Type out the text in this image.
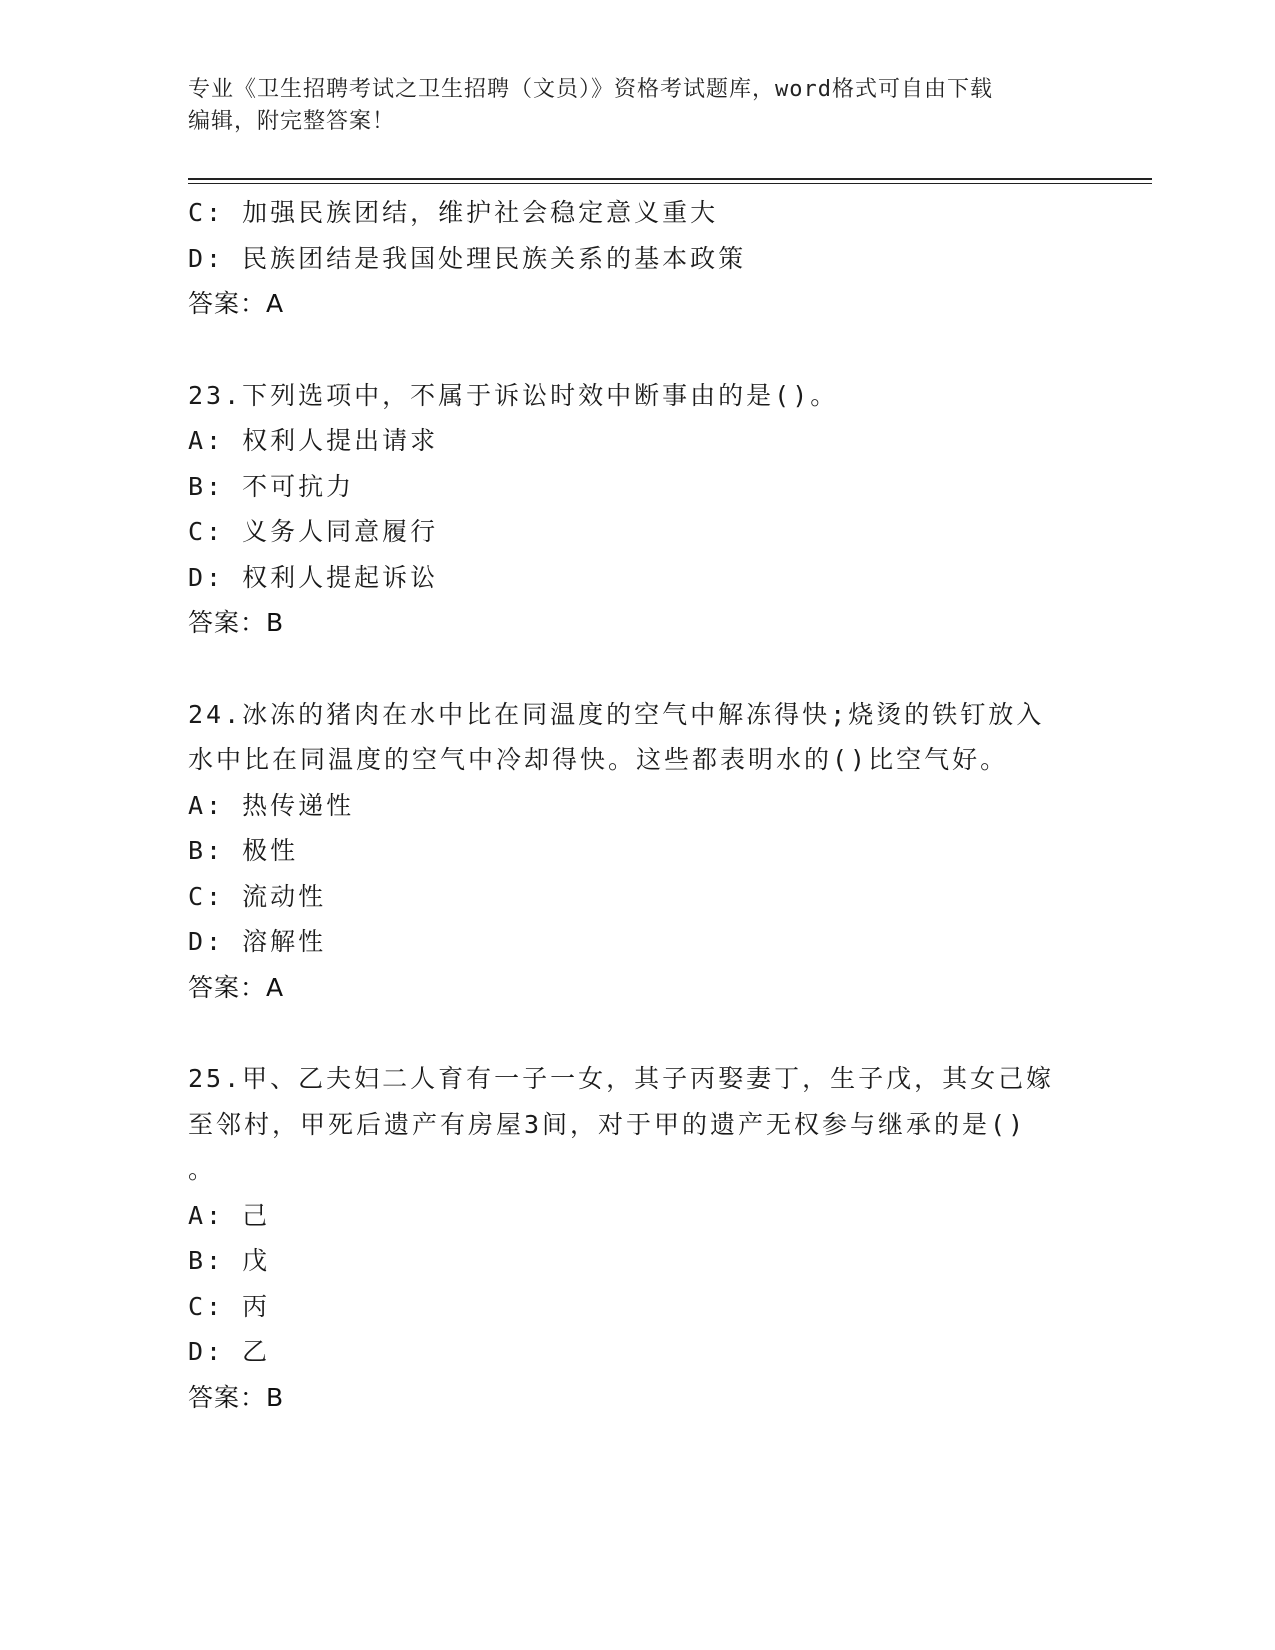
专业《卫生招聘考试之卫生招聘（文员）》资格考试题库，word格式可自由下载
编辑，附完整答案！
C: 加强民族团结，维护社会稳定意义重大
D: 民族团结是我国处理民族关系的基本政策
答案：A
23.下列选项中，不属于诉讼时效中断事由的是()。
A: 权利人提出请求
B: 不可抗力
C: 义务人同意履行
D: 权利人提起诉讼
答案：B
24.冰冻的猪肉在水中比在同温度的空气中解冻得快;烧烫的铁钉放入
水中比在同温度的空气中冷却得快。这些都表明水的()比空气好。
A: 热传递性
B: 极性
C: 流动性
D: 溶解性
答案：A
25.甲、乙夫妇二人育有一子一女，其子丙娶妻丁，生子戊，其女己嫁
至邻村，甲死后遗产有房屋3间，对于甲的遗产无权参与继承的是()
。
A: 己
B: 戊
C: 丙
D: 乙
答案：B
